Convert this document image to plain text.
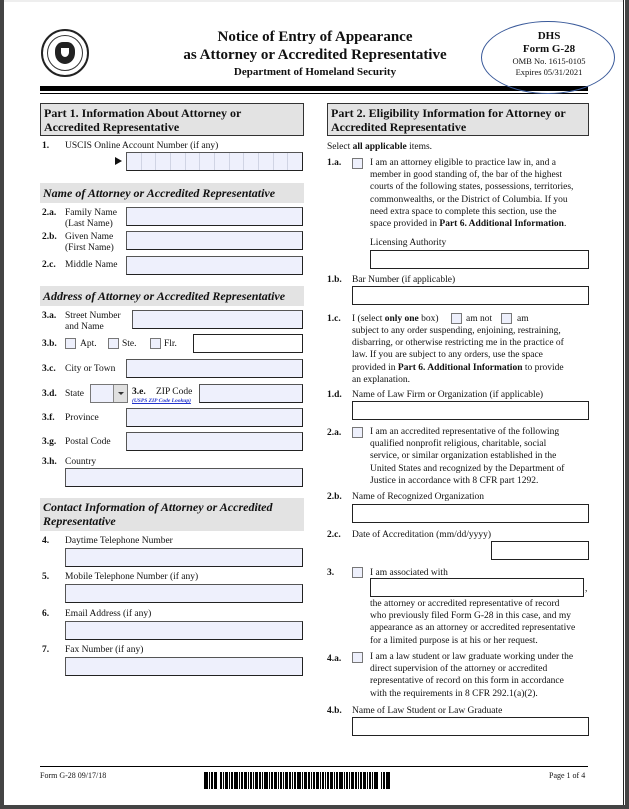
Notice of Entry of Appearance
as Attorney or Accredited Representative
Department of Homeland Security
DHS
Form G-28
OMB No. 1615-0105
Expires 05/31/2021
Part 1. Information About Attorney or
Accredited Representative
1. USCIS Online Account Number (if any)
Name of Attorney or Accredited Representative
2.a. Family Name
(Last Name)
2.b. Given Name
(First Name)
2.c. Middle Name
Address of Attorney or Accredited Representative
3.a. Street Number
and Name
3.b. Apt.	Ste.	Flr.
3.c. City or Town
3.d. State	3.e. ZIP Code
(USPS ZIP Code Lookup)
3.f. Province
3.g. Postal Code
3.h. Country
Contact Information of Attorney or Accredited
Representative
4. Daytime Telephone Number
5. Mobile Telephone Number (if any)
6. Email Address (if any)
7. Fax Number (if any)
Part 2. Eligibility Information for Attorney or
Accredited Representative
Select all applicable items.
1.a.	I am an attorney eligible to practice law in, and a
member in good standing of, the bar of the highest
courts of the following states, possessions, territories,
commonwealths, or the District of Columbia. If you
need extra space to complete this section, use the
space provided in Part 6. Additional Information.
Licensing Authority
1.b. Bar Number (if applicable)
1.c. I (select only one box)	am not	am
subject to any order suspending, enjoining, restraining,
disbarring, or otherwise restricting me in the practice of
law. If you are subject to any orders, use the space
provided in Part 6. Additional Information to provide
an explanation.
1.d. Name of Law Firm or Organization (if applicable)
2.a.	I am an accredited representative of the following
qualified nonprofit religious, charitable, social
service, or similar organization established in the
United States and recognized by the Department of
Justice in accordance with 8 CFR part 1292.
2.b. Name of Recognized Organization
2.c. Date of Accreditation (mm/dd/yyyy)
3.	I am associated with
,
the attorney or accredited representative of record
who previously filed Form G-28 in this case, and my
appearance as an attorney or accredited representative
for a limited purpose is at his or her request.
4.a.	I am a law student or law graduate working under the
direct supervision of the attorney or accredited
representative of record on this form in accordance
with the requirements in 8 CFR 292.1(a)(2).
4.b. Name of Law Student or Law Graduate
Form G-28 09/17/18	Page 1 of 4
